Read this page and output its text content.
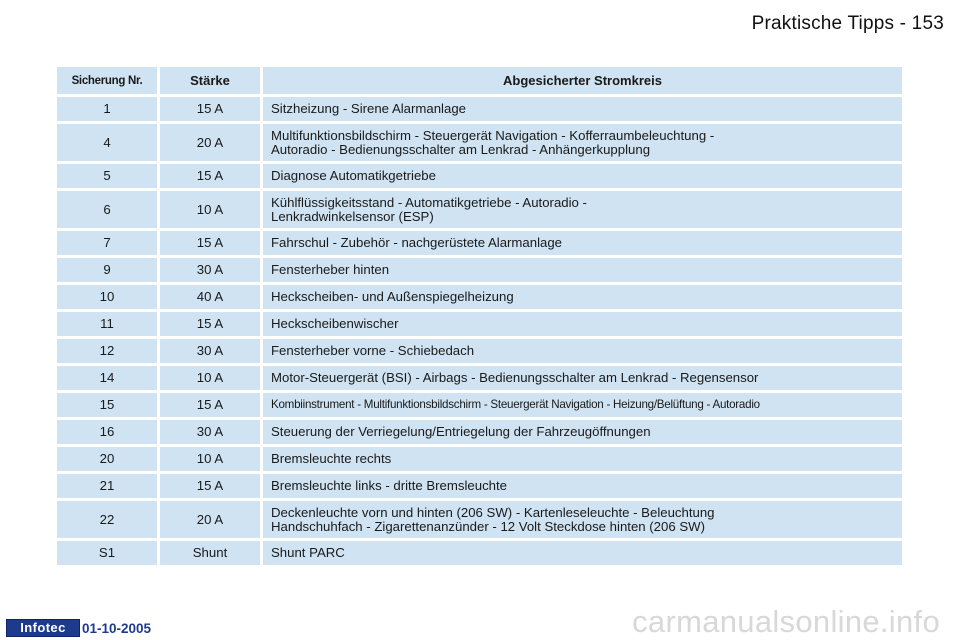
Praktische Tipps - 153
Sicherung Nr.	Stärke	Abgesicherter Stromkreis
1	15 A	Sitzheizung - Sirene Alarmanlage

4	20 A	Multifunktionsbildschirm - Steuergerät Navigation - Kofferraumbeleuchtung -
Autoradio - Bedienungsschalter am Lenkrad - Anhängerkupplung

5	15 A	Diagnose Automatikgetriebe

6	10 A	Kühlflüssigkeitsstand - Automatikgetriebe - Autoradio -
Lenkradwinkelsensor (ESP)

7	15 A	Fahrschul - Zubehör - nachgerüstete Alarmanlage

9	30 A	Fensterheber hinten

10	40 A	Heckscheiben- und Außenspiegelheizung

11	15 A	Heckscheibenwischer

12	30 A	Fensterheber vorne - Schiebedach

14	10 A	Motor-Steuergerät (BSI) - Airbags - Bedienungsschalter am Lenkrad - Regensensor

15	15 A	Kombiinstrument - Multifunktionsbildschirm - Steuergerät Navigation - Heizung/Belüftung - Autoradio

16	30 A	Steuerung der Verriegelung/Entriegelung der Fahrzeugöffnungen

20	10 A	Bremsleuchte rechts

21	15 A	Bremsleuchte links - dritte Bremsleuchte

22	20 A	Deckenleuchte vorn und hinten (206 SW) - Kartenleseleuchte - Beleuchtung
Handschuhfach - Zigarettenanzünder - 12 Volt Steckdose hinten (206 SW)

S1	Shunt	Shunt PARC
Infotec	01-10-2005	carmanualsonline.info
